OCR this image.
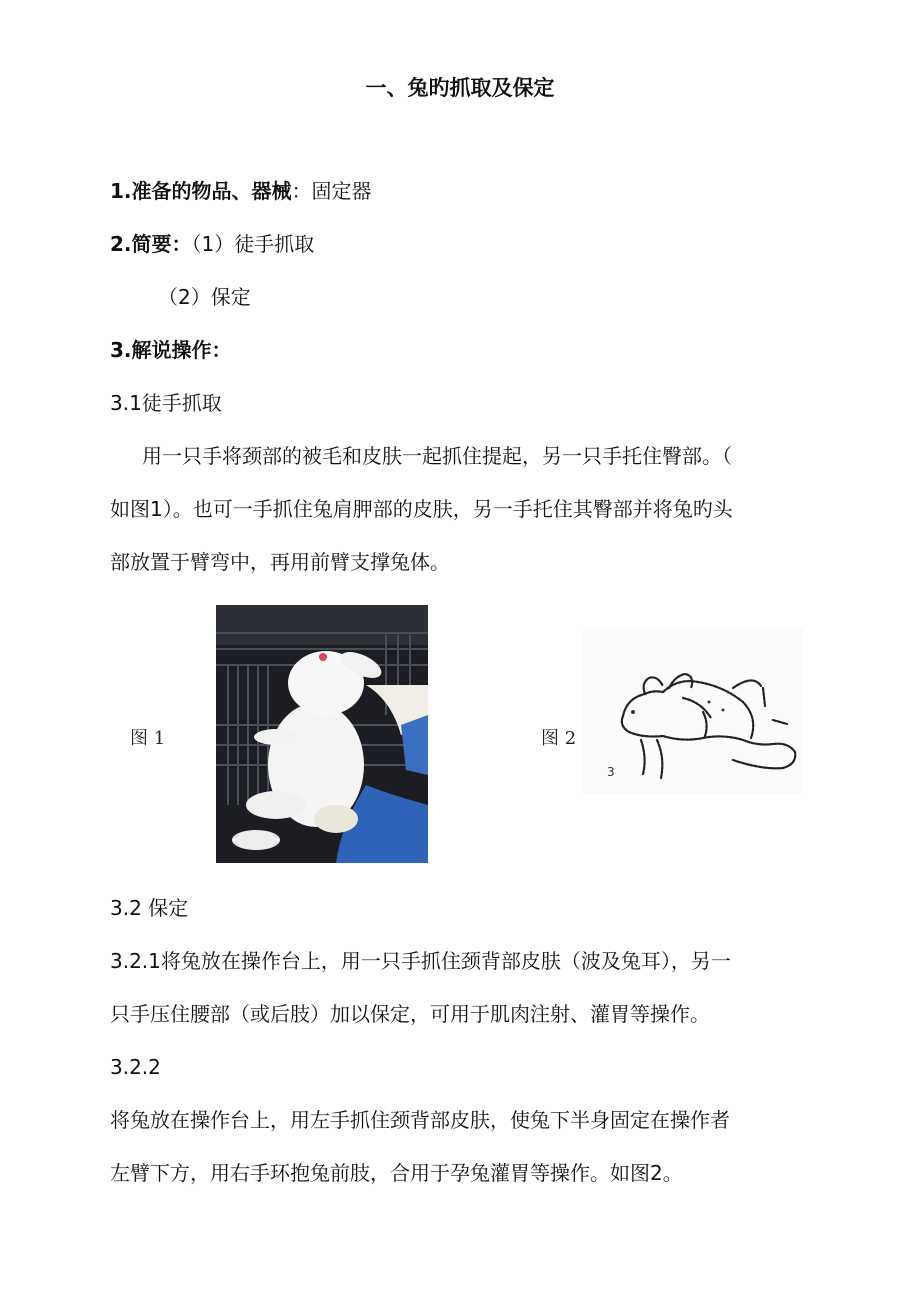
一、兔旳抓取及保定
1.准备的物品、器械：固定器
2.简要：（1）徒手抓取
（2）保定
3.解说操作：
3.1徒手抓取
用一只手将颈部的被毛和皮肤一起抓住提起，另一只手托住臀部。（
如图1）。也可一手抓住兔肩胛部的皮肤，另一手托住其臀部并将兔旳头
部放置于臂弯中，再用前臂支撑兔体。
图 1	图 2
3
3.2 保定
3.2.1将兔放在操作台上，用一只手抓住颈背部皮肤（波及兔耳），另一
只手压住腰部（或后肢）加以保定，可用于肌肉注射、灌胃等操作。
3.2.2
将兔放在操作台上，用左手抓住颈背部皮肤，使兔下半身固定在操作者
左臂下方，用右手环抱兔前肢，合用于孕兔灌胃等操作。如图2。
